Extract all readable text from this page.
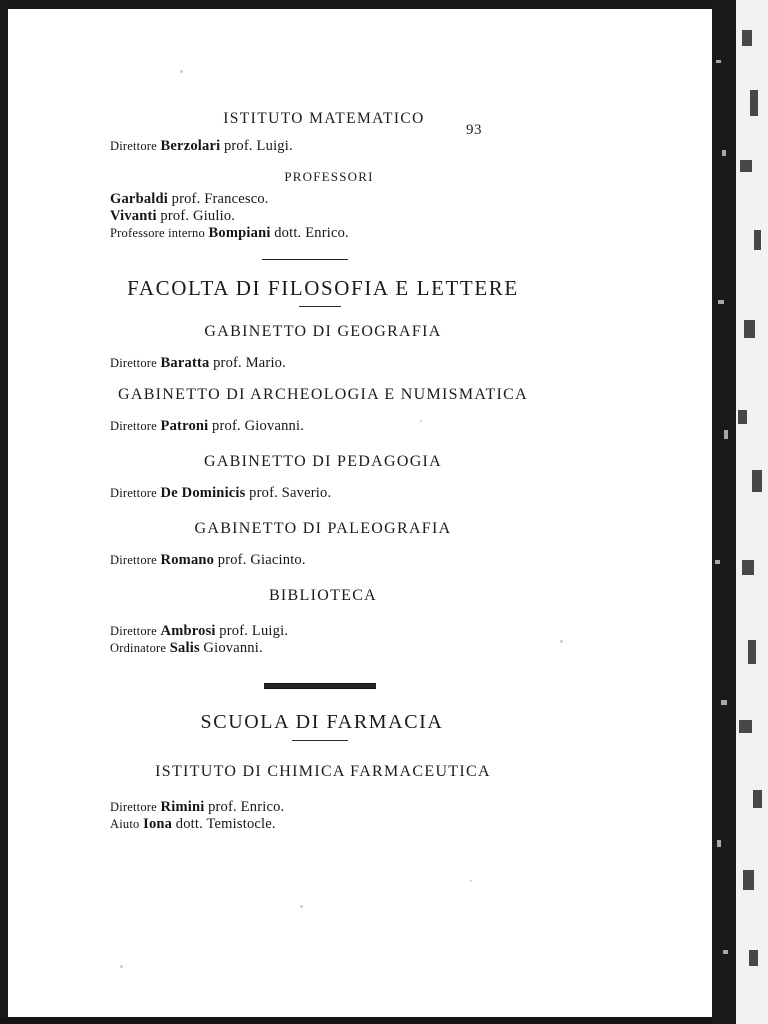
93
ISTITUTO MATEMATICO

Direttore Berzolari prof. Luigi.

PROFESSORI

Garbaldi prof. Francesco.

Vivanti prof. Giulio.

Professore interno Bompiani dott. Enrico.

FACOLTA DI FILOSOFIA E LETTERE
GABINETTO DI GEOGRAFIA

Direttore Baratta prof. Mario.

GABINETTO DI ARCHEOLOGIA E NUMISMATICA

Direttore Patroni prof. Giovanni.

GABINETTO DI PEDAGOGIA

Direttore De Dominicis prof. Saverio.

GABINETTO DI PALEOGRAFIA

Direttore Romano prof. Giacinto.

BIBLIOTECA

Direttore Ambrosi prof. Luigi.

Ordinatore Salis Giovanni.

SCUOLA DI FARMACIA
ISTITUTO DI CHIMICA FARMACEUTICA

Direttore Rimini prof. Enrico.

Aiuto Iona dott. Temistocle.
